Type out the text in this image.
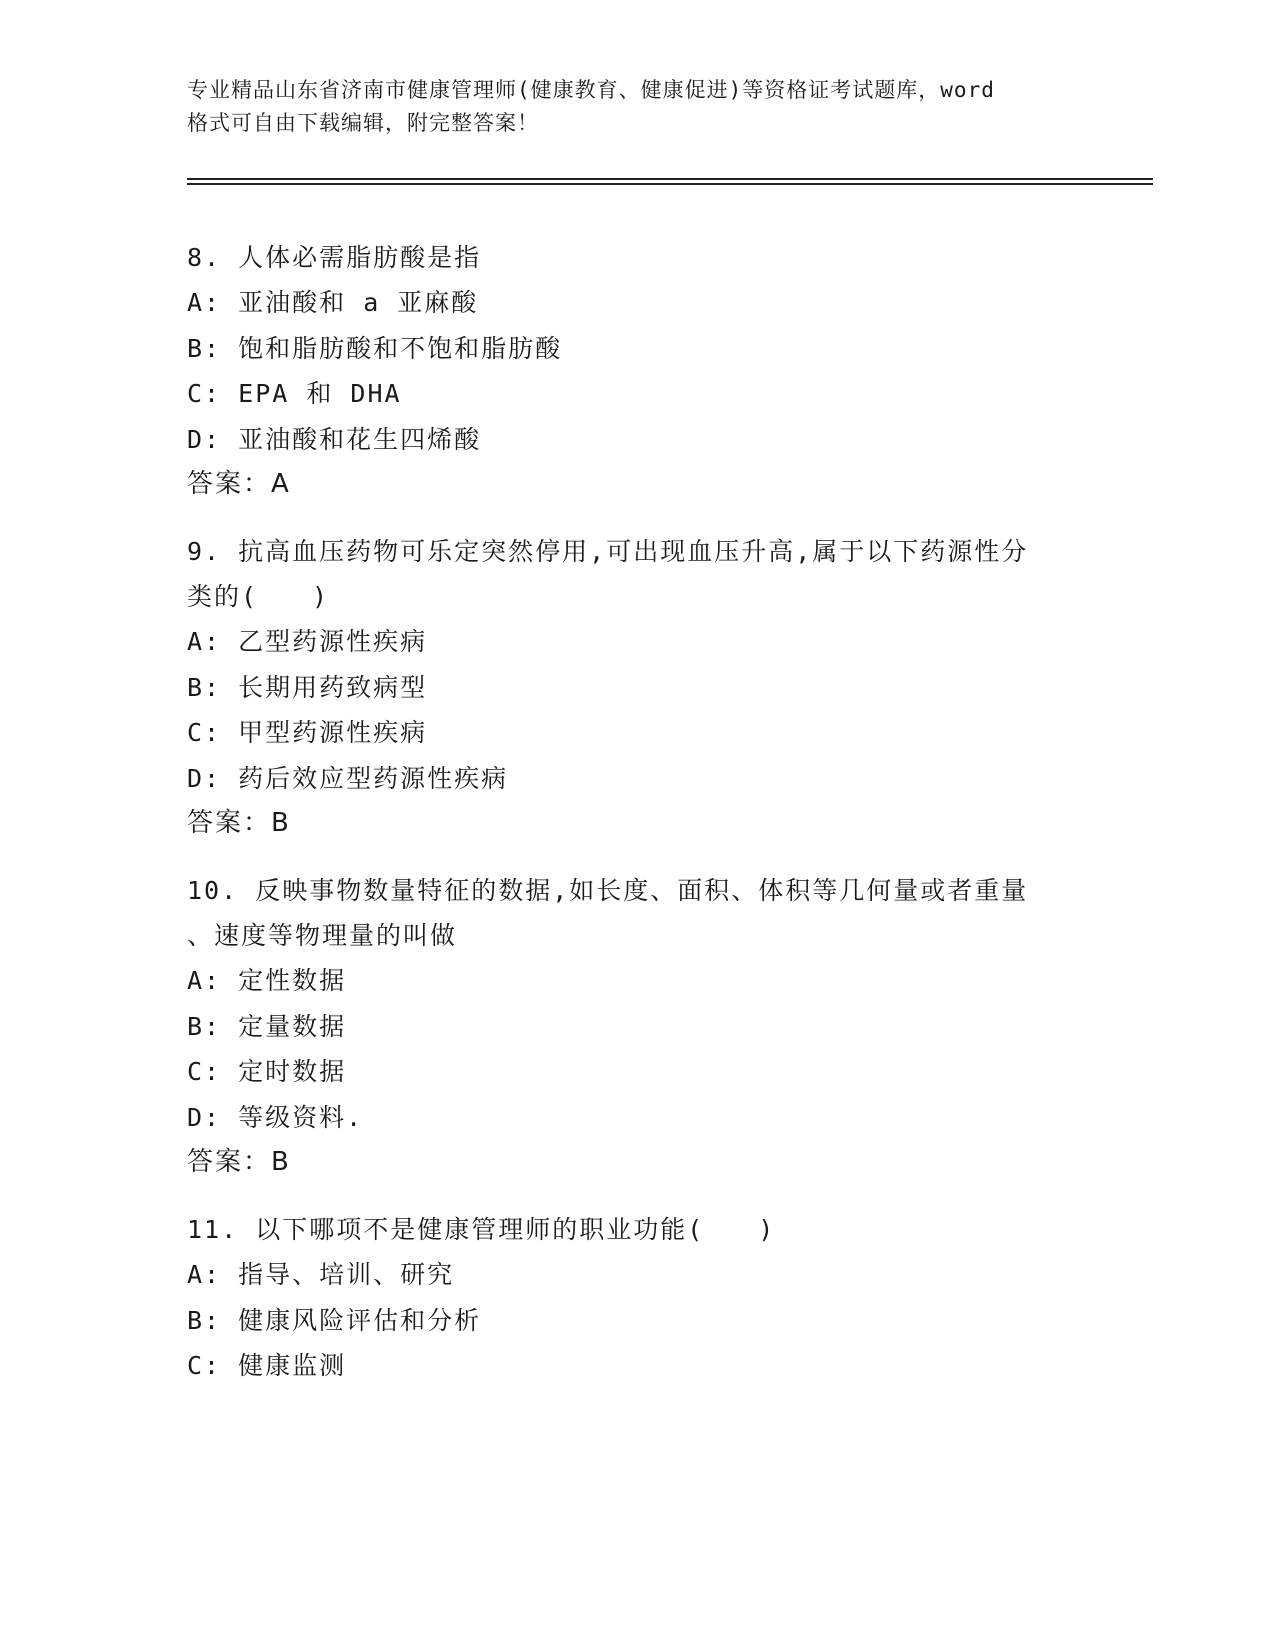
专业精品山东省济南市健康管理师(健康教育、健康促进)等资格证考试题库，word
格式可自由下载编辑，附完整答案！
8. 人体必需脂肪酸是指
A: 亚油酸和 a 亚麻酸
B: 饱和脂肪酸和不饱和脂肪酸
C: EPA 和 DHA
D: 亚油酸和花生四烯酸
答案：A
9. 抗高血压药物可乐定突然停用,可出现血压升高,属于以下药源性分
类的(　　)
A: 乙型药源性疾病
B: 长期用药致病型
C: 甲型药源性疾病
D: 药后效应型药源性疾病
答案：B
10. 反映事物数量特征的数据,如长度、面积、体积等几何量或者重量
、速度等物理量的叫做
A: 定性数据
B: 定量数据
C: 定时数据
D: 等级资料.
答案：B
11. 以下哪项不是健康管理师的职业功能(　　)
A: 指导、培训、研究
B: 健康风险评估和分析
C: 健康监测
